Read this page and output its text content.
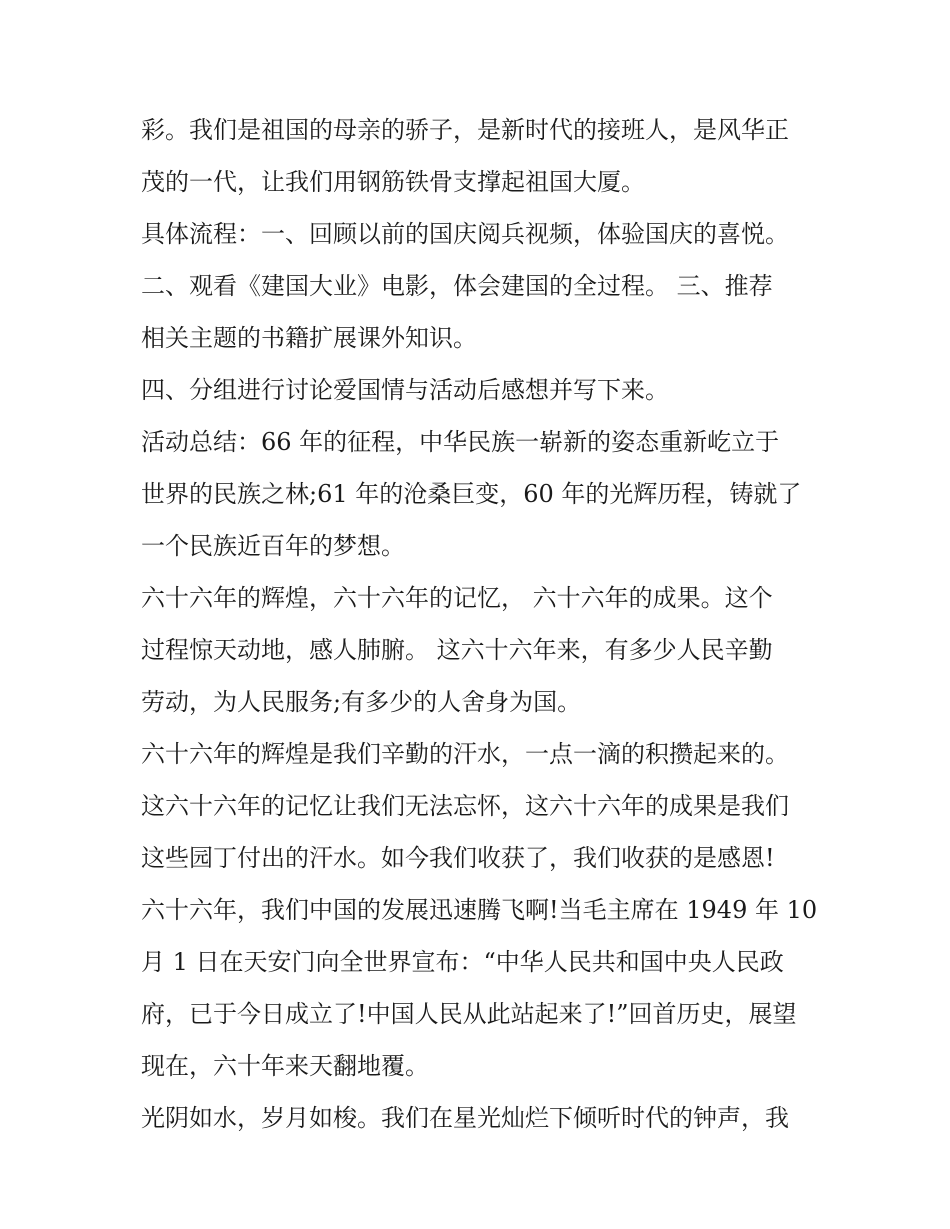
彩。我们是祖国的母亲的骄子，是新时代的接班人，是风华正
茂的一代，让我们用钢筋铁骨支撑起祖国大厦。
具体流程：一、回顾以前的国庆阅兵视频，体验国庆的喜悦。
二、观看《建国大业》电影，体会建国的全过程。 三、推荐
相关主题的书籍扩展课外知识。
四、分组进行讨论爱国情与活动后感想并写下来。
活动总结：66 年的征程，中华民族一崭新的姿态重新屹立于
世界的民族之林;61 年的沧桑巨变，60 年的光辉历程，铸就了
一个民族近百年的梦想。
六十六年的辉煌，六十六年的记忆， 六十六年的成果。这个
过程惊天动地，感人肺腑。 这六十六年来，有多少人民辛勤
劳动，为人民服务;有多少的人舍身为国。
六十六年的辉煌是我们辛勤的汗水，一点一滴的积攒起来的。
这六十六年的记忆让我们无法忘怀，这六十六年的成果是我们
这些园丁付出的汗水。如今我们收获了，我们收获的是感恩!
六十六年，我们中国的发展迅速腾飞啊!当毛主席在 1949 年 10
月 1 日在天安门向全世界宣布：“中华人民共和国中央人民政
府，已于今日成立了!中国人民从此站起来了!”回首历史，展望
现在，六十年来天翻地覆。
光阴如水，岁月如梭。我们在星光灿烂下倾听时代的钟声，我
